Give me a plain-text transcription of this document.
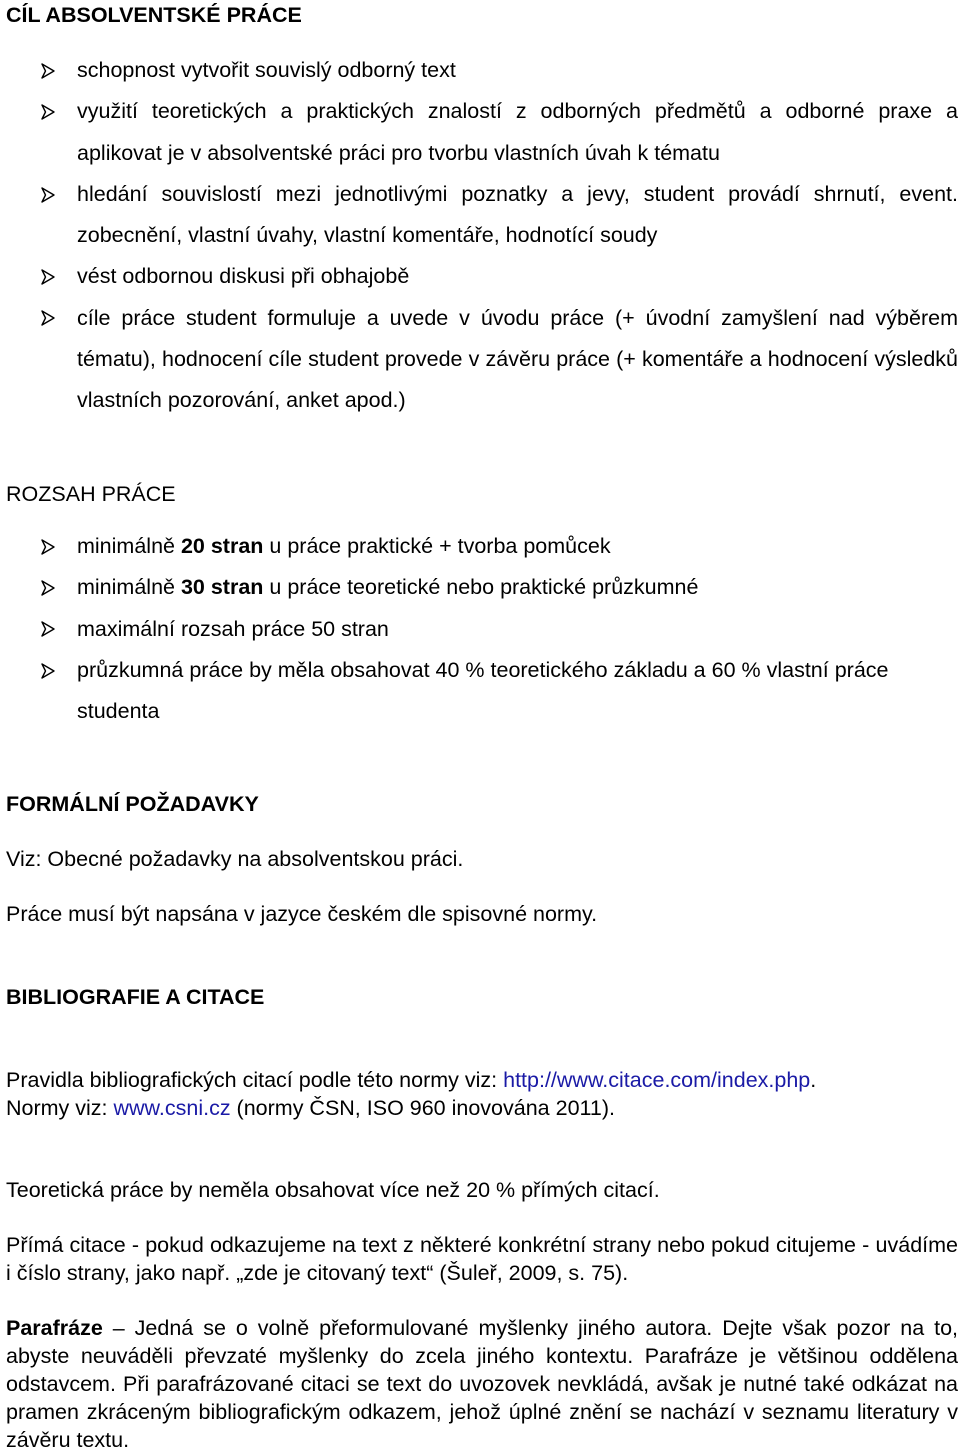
CÍL ABSOLVENTSKÉ PRÁCE
schopnost vytvořit souvislý odborný text
využití teoretických a praktických znalostí z odborných předmětů a odborné praxe a aplikovat je v absolventské práci pro tvorbu vlastních úvah k tématu
hledání souvislostí mezi jednotlivými poznatky a jevy, student provádí shrnutí, event. zobecnění, vlastní úvahy, vlastní komentáře, hodnotící soudy
vést odbornou diskusi při obhajobě
cíle práce student formuluje a uvede v úvodu práce (+ úvodní zamyšlení nad výběrem tématu), hodnocení cíle student provede v závěru práce (+ komentáře a hodnocení výsledků vlastních pozorování, anket apod.)
ROZSAH PRÁCE
minimálně 20 stran u práce praktické + tvorba pomůcek
minimálně 30 stran u práce teoretické nebo praktické průzkumné
maximální rozsah práce 50 stran
průzkumná práce by měla obsahovat 40 % teoretického základu a 60 % vlastní práce studenta
FORMÁLNÍ POŽADAVKY

Viz: Obecné požadavky na absolventskou práci.

Práce musí být napsána v jazyce českém dle spisovné normy.

BIBLIOGRAFIE A CITACE

Pravidla bibliografických citací podle této normy viz: http://www.citace.com/index.php. Normy viz: www.csni.cz (normy ČSN, ISO 960 inovována 2011).

Teoretická práce by neměla obsahovat více než 20 % přímých citací.

Přímá citace - pokud odkazujeme na text z některé konkrétní strany nebo pokud citujeme - uvádíme i číslo strany, jako např. „zde je citovaný text“ (Šuleř, 2009, s. 75).

Parafráze – Jedná se o volně přeformulované myšlenky jiného autora. Dejte však pozor na to, abyste neuváděli převzaté myšlenky do zcela jiného kontextu. Parafráze je většinou oddělena odstavcem. Při parafrázované citaci se text do uvozovek nevkládá, avšak je nutné také odkázat na pramen zkráceným bibliografickým odkazem, jehož úplné znění se nachází v seznamu literatury v závěru textu.
